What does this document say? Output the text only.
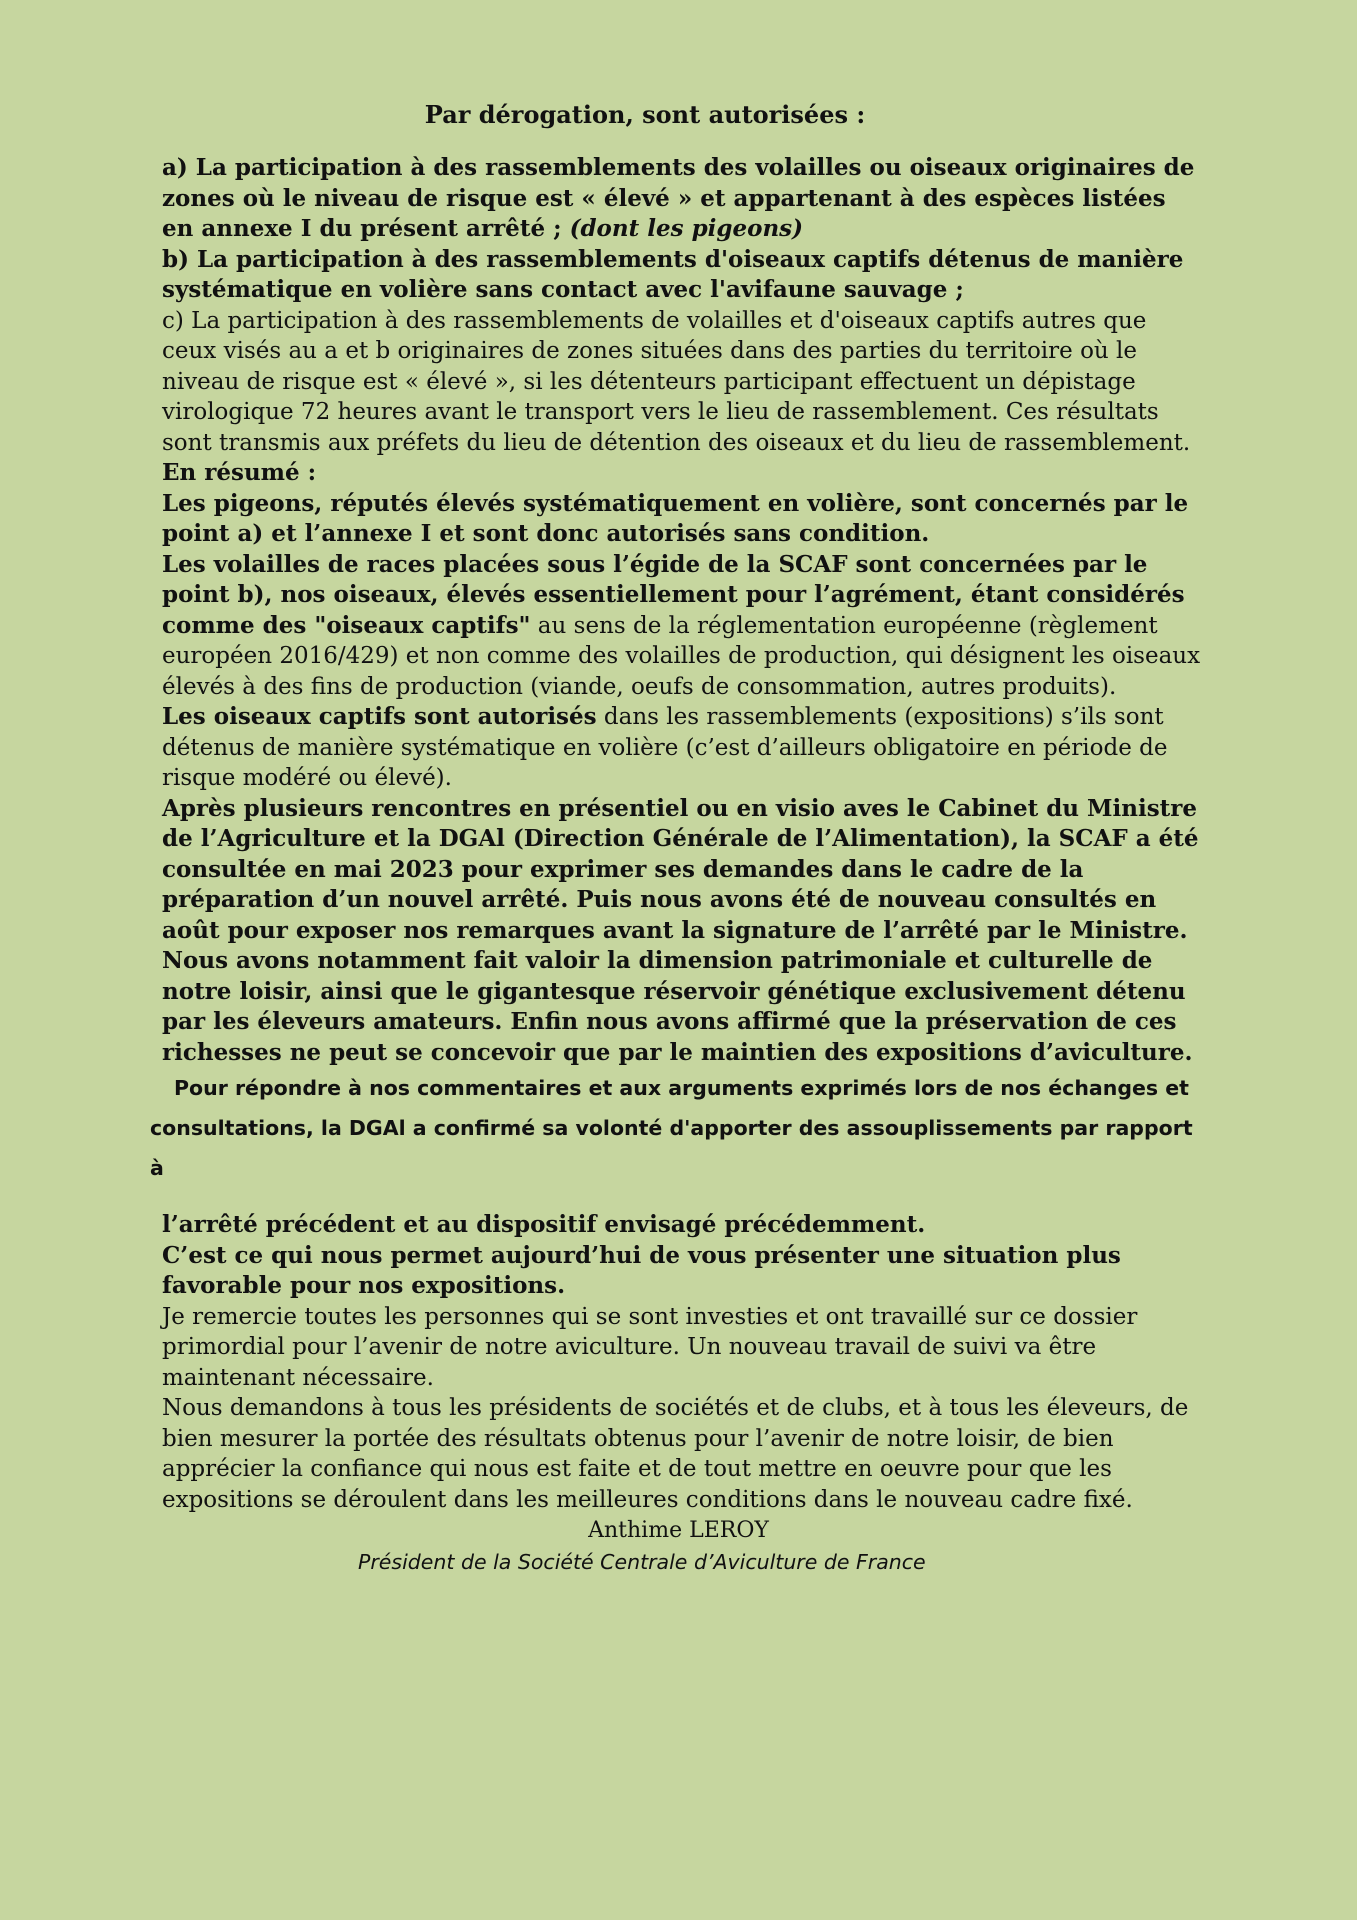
Par dérogation, sont autorisées :

a) La participation à des rassemblements des volailles ou oiseaux originaires de zones où le niveau de risque est « élevé » et appartenant à des espèces listées en annexe I du présent arrêté ; (dont les pigeons)

b) La participation à des rassemblements d'oiseaux captifs détenus de manière systématique en volière sans contact avec l'avifaune sauvage ;

c) La participation à des rassemblements de volailles et d'oiseaux captifs autres que ceux visés au a et b originaires de zones situées dans des parties du territoire où le niveau de risque est « élevé », si les détenteurs participant effectuent un dépistage virologique 72 heures avant le transport vers le lieu de rassemblement. Ces résultats sont transmis aux préfets du lieu de détention des oiseaux et du lieu de rassemblement.

En résumé :

Les pigeons, réputés élevés systématiquement en volière, sont concernés par le point a) et l’annexe I et sont donc autorisés sans condition.

Les volailles de races placées sous l’égide de la SCAF sont concernées par le point b), nos oiseaux, élevés essentiellement pour l’agrément, étant considérés comme des "oiseaux captifs" au sens de la réglementation européenne (règlement européen 2016/429) et non comme des volailles de production, qui désignent les oiseaux élevés à des fins de production (viande, oeufs de consommation, autres produits).

Les oiseaux captifs sont autorisés dans les rassemblements (expositions) s’ils sont détenus de manière systématique en volière (c’est d’ailleurs obligatoire en période de risque modéré ou élevé).

Après plusieurs rencontres en présentiel ou en visio aves le Cabinet du Ministre de l’Agriculture et la DGAl (Direction Générale de l’Alimentation), la SCAF a été consultée en mai 2023 pour exprimer ses demandes dans le cadre de la préparation d’un nouvel arrêté. Puis nous avons été de nouveau consultés en août pour exposer nos remarques avant la signature de l’arrêté par le Ministre.

Nous avons notamment fait valoir la dimension patrimoniale et culturelle de notre loisir, ainsi que le gigantesque réservoir génétique exclusivement détenu par les éleveurs amateurs. Enfin nous avons affirmé que la préservation de ces richesses ne peut se concevoir que par le maintien des expositions d’aviculture.

Pour répondre à nos commentaires et aux arguments exprimés lors de nos échanges et

consultations, la DGAl a confirmé sa volonté d'apporter des assouplissements par rapport à

l’arrêté précédent et au dispositif envisagé précédemment.

C’est ce qui nous permet aujourd’hui de vous présenter une situation plus favorable pour nos expositions.

Je remercie toutes les personnes qui se sont investies et ont travaillé sur ce dossier primordial pour l’avenir de notre aviculture. Un nouveau travail de suivi va être maintenant nécessaire.

Nous demandons à tous les présidents de sociétés et de clubs, et à tous les éleveurs, de bien mesurer la portée des résultats obtenus pour l’avenir de notre loisir, de bien apprécier la confiance qui nous est faite et de tout mettre en oeuvre pour que les expositions se déroulent dans les meilleures conditions dans le nouveau cadre fixé.

Anthime LEROY

Président de la Société Centrale d’Aviculture de France
